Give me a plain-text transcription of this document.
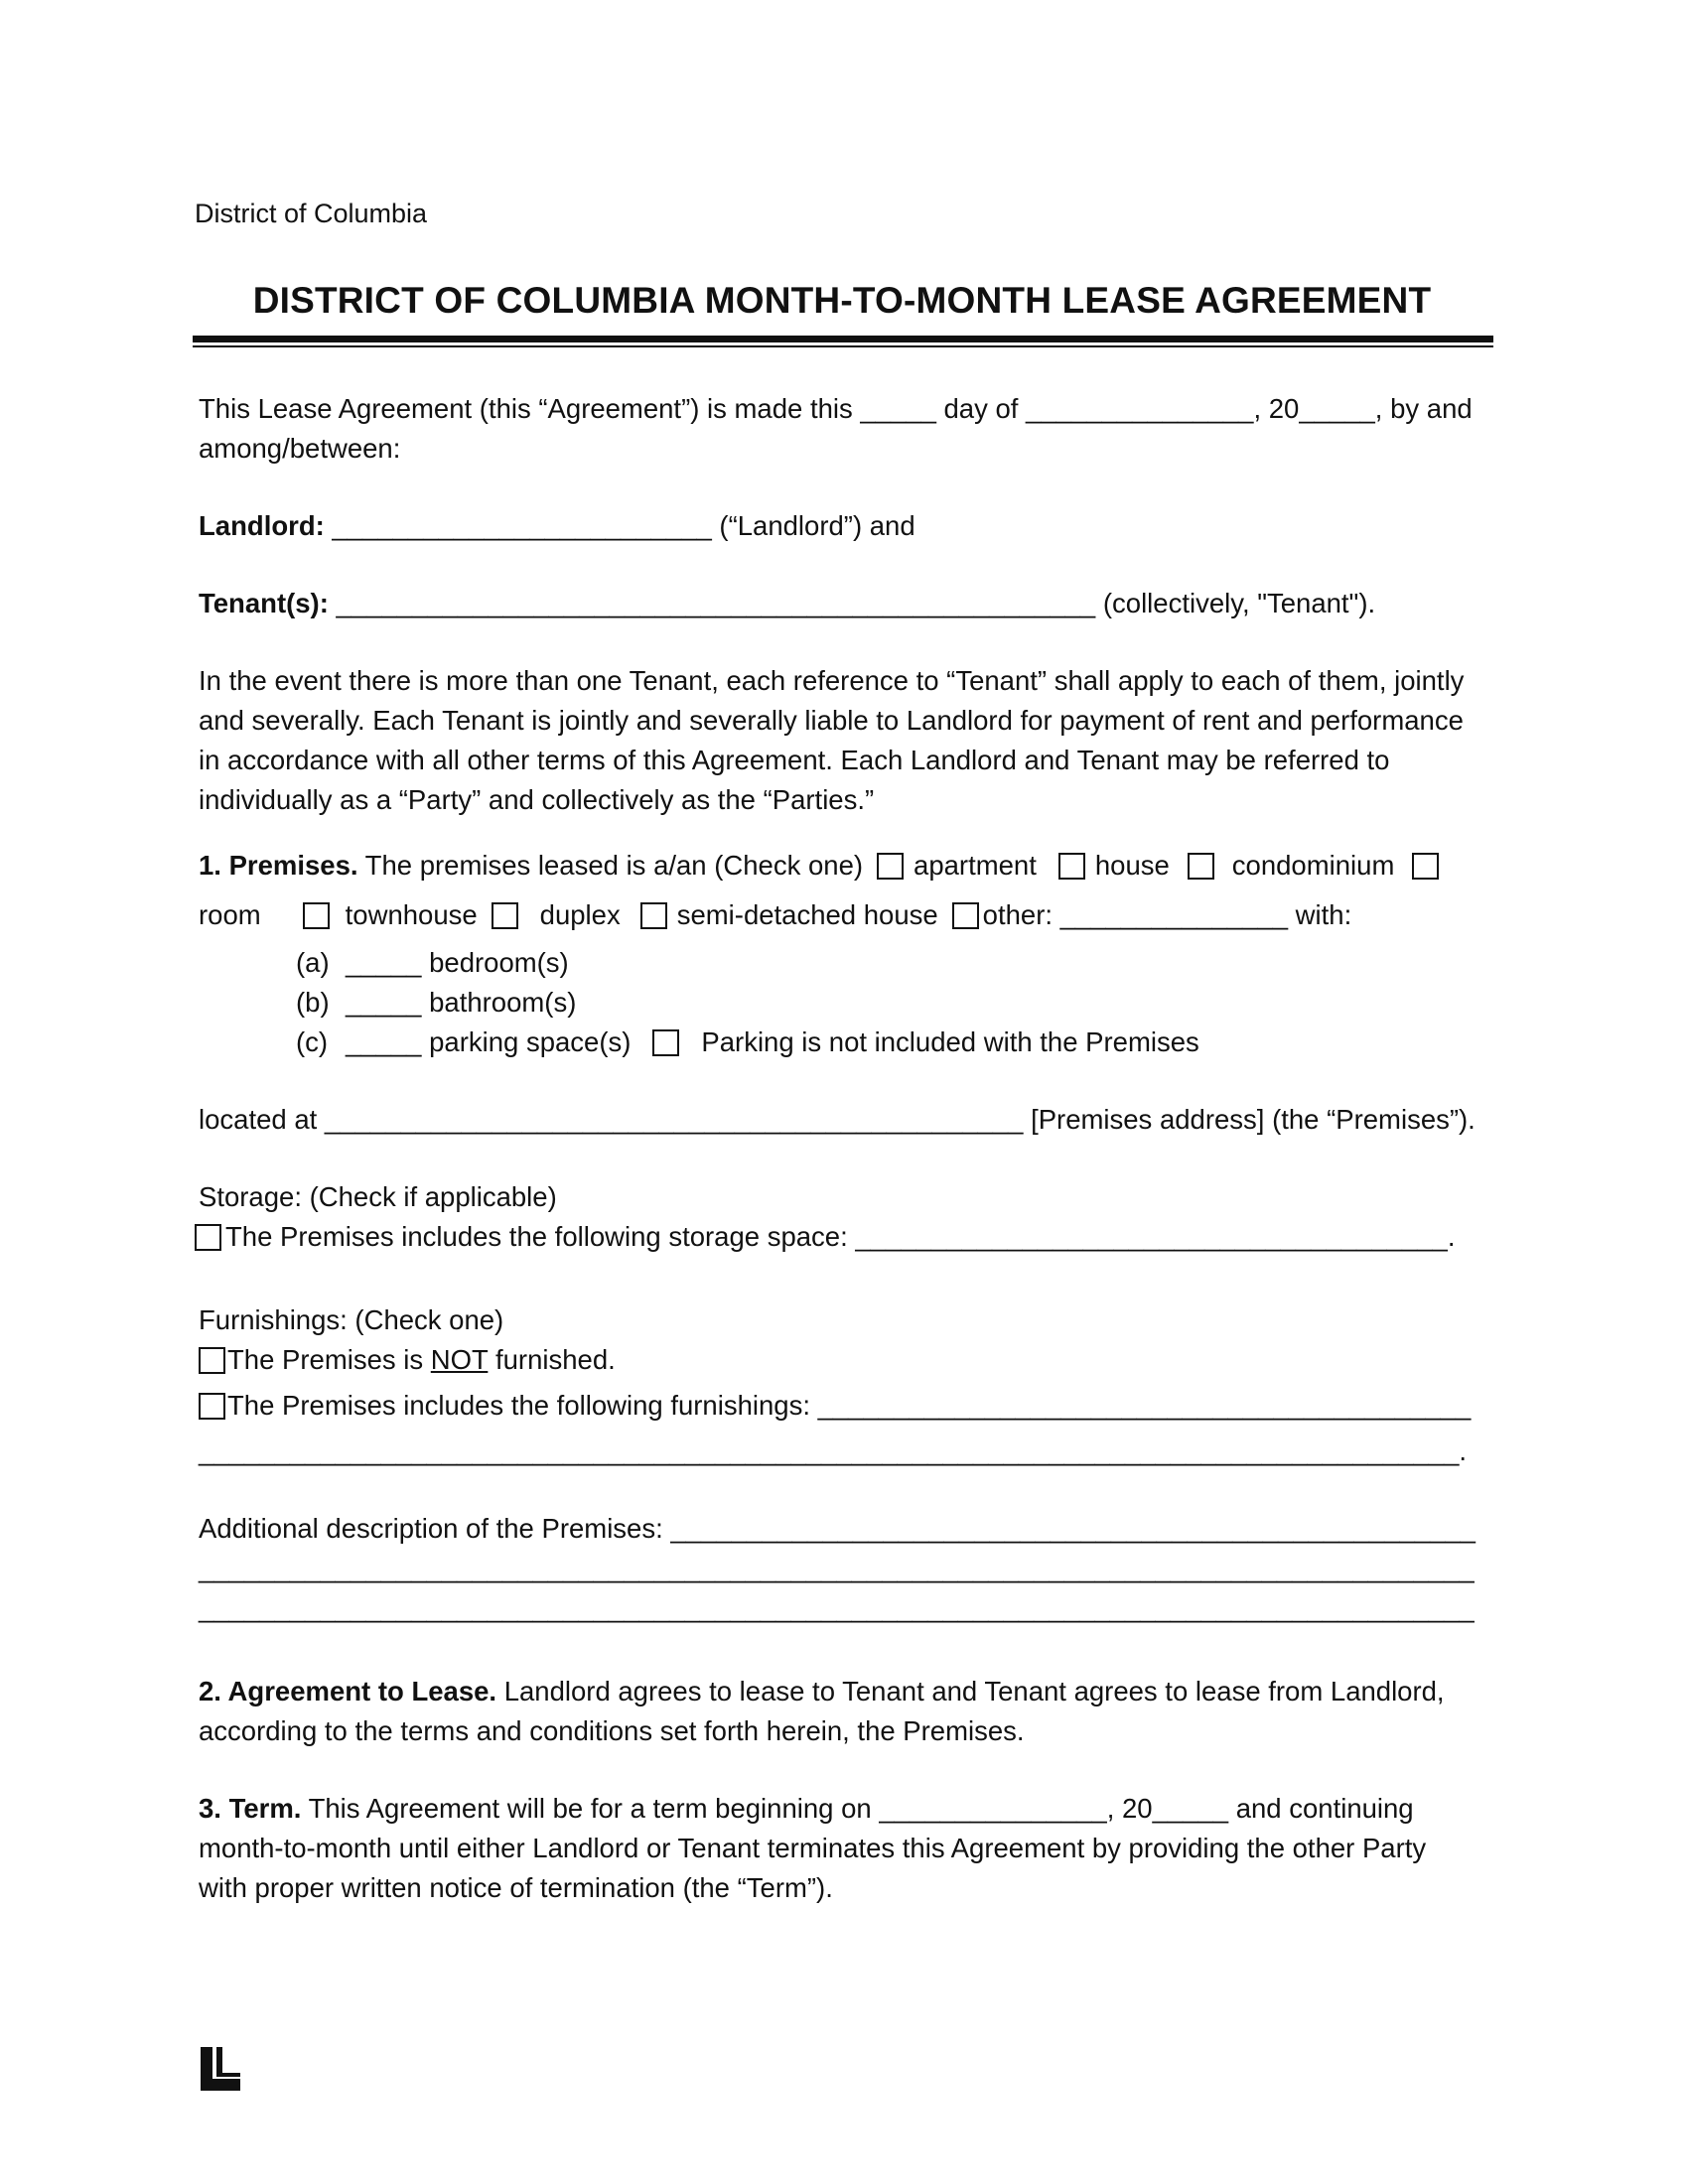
District of Columbia
DISTRICT OF COLUMBIA MONTH-TO-MONTH LEASE AGREEMENT

This Lease Agreement (this “Agreement”) is made this _____ day of _______________, 20_____, by and

among/between:

Landlord: _________________________ (“Landlord”) and

Tenant(s): __________________________________________________ (collectively, "Tenant").

In the event there is more than one Tenant, each reference to “Tenant” shall apply to each of them, jointly

and severally. Each Tenant is jointly and severally liable to Landlord for payment of rent and performance

in accordance with all other terms of this Agreement. Each Landlord and Tenant may be referred to

individually as a “Party” and collectively as the “Parties.”

1. Premises. The premises leased is a/an (Check one) apartment house condominium

room	townhouse duplex semi-detached house other: _______________ with:

(a) _____ bedroom(s)

(b) _____ bathroom(s)

(c) _____ parking space(s)	Parking is not included with the Premises

located at ______________________________________________ [Premises address] (the “Premises”).

Storage: (Check if applicable)

The Premises includes the following storage space: _______________________________________.

Furnishings: (Check one)

The Premises is NOT furnished.

The Premises includes the following furnishings: ___________________________________________

___________________________________________________________________________________.

Additional description of the Premises: _____________________________________________________

____________________________________________________________________________________

____________________________________________________________________________________

2. Agreement to Lease. Landlord agrees to lease to Tenant and Tenant agrees to lease from Landlord,

according to the terms and conditions set forth herein, the Premises.

3. Term. This Agreement will be for a term beginning on _______________, 20_____ and continuing

month-to-month until either Landlord or Tenant terminates this Agreement by providing the other Party

with proper written notice of termination (the “Term”).
